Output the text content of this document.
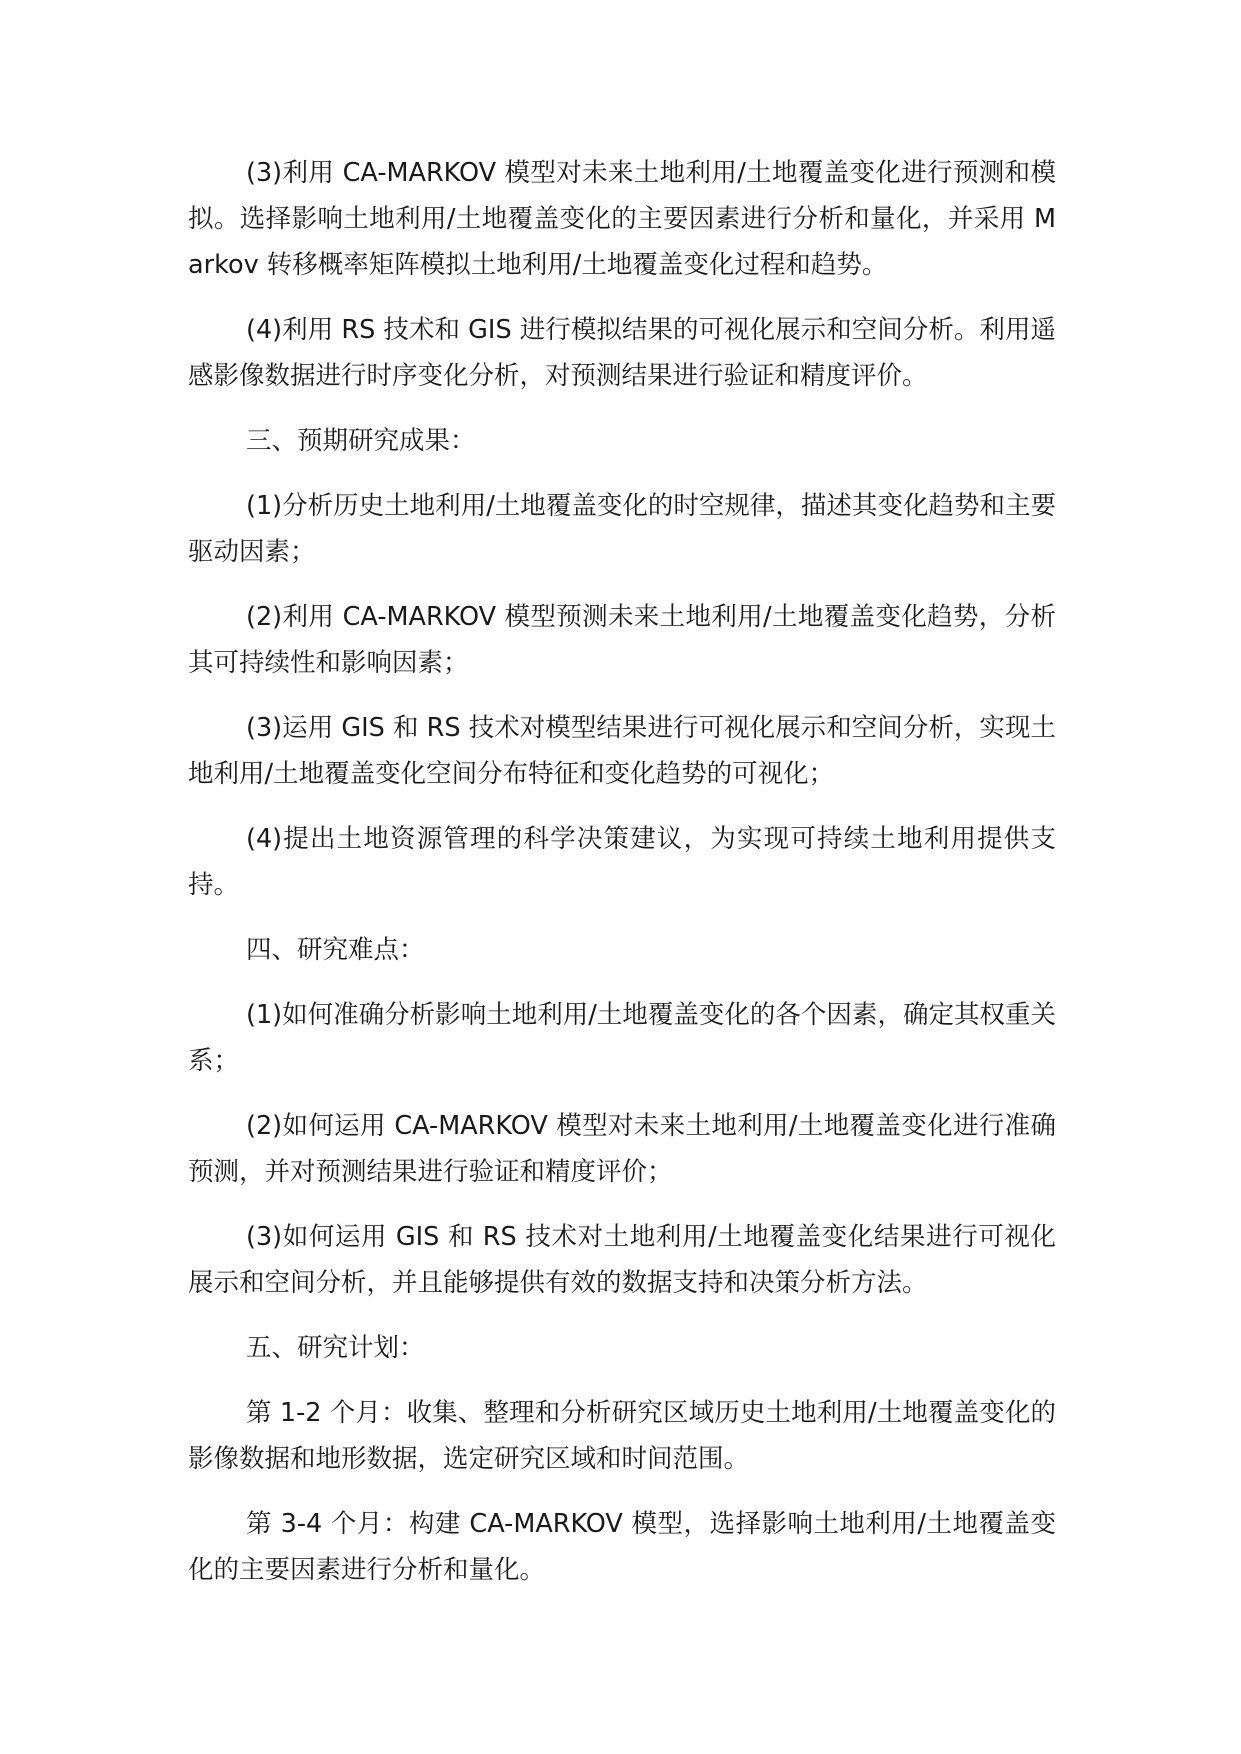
(3)利用 CA-MARKOV 模型对未来土地利用/土地覆盖变化进行预测和模拟。选择影响土地利用/土地覆盖变化的主要因素进行分析和量化，并采用 Markov 转移概率矩阵模拟土地利用/土地覆盖变化过程和趋势。

(4)利用 RS 技术和 GIS 进行模拟结果的可视化展示和空间分析。利用遥感影像数据进行时序变化分析，对预测结果进行验证和精度评价。

三、预期研究成果：

(1)分析历史土地利用/土地覆盖变化的时空规律，描述其变化趋势和主要驱动因素；

(2)利用 CA-MARKOV 模型预测未来土地利用/土地覆盖变化趋势，分析其可持续性和影响因素；

(3)运用 GIS 和 RS 技术对模型结果进行可视化展示和空间分析，实现土地利用/土地覆盖变化空间分布特征和变化趋势的可视化；

(4)提出土地资源管理的科学决策建议，为实现可持续土地利用提供支持。

四、研究难点：

(1)如何准确分析影响土地利用/土地覆盖变化的各个因素，确定其权重关系；

(2)如何运用 CA-MARKOV 模型对未来土地利用/土地覆盖变化进行准确预测，并对预测结果进行验证和精度评价；

(3)如何运用 GIS 和 RS 技术对土地利用/土地覆盖变化结果进行可视化展示和空间分析，并且能够提供有效的数据支持和决策分析方法。

五、研究计划：

第 1-2 个月：收集、整理和分析研究区域历史土地利用/土地覆盖变化的影像数据和地形数据，选定研究区域和时间范围。

第 3-4 个月：构建 CA-MARKOV 模型，选择影响土地利用/土地覆盖变化的主要因素进行分析和量化。
